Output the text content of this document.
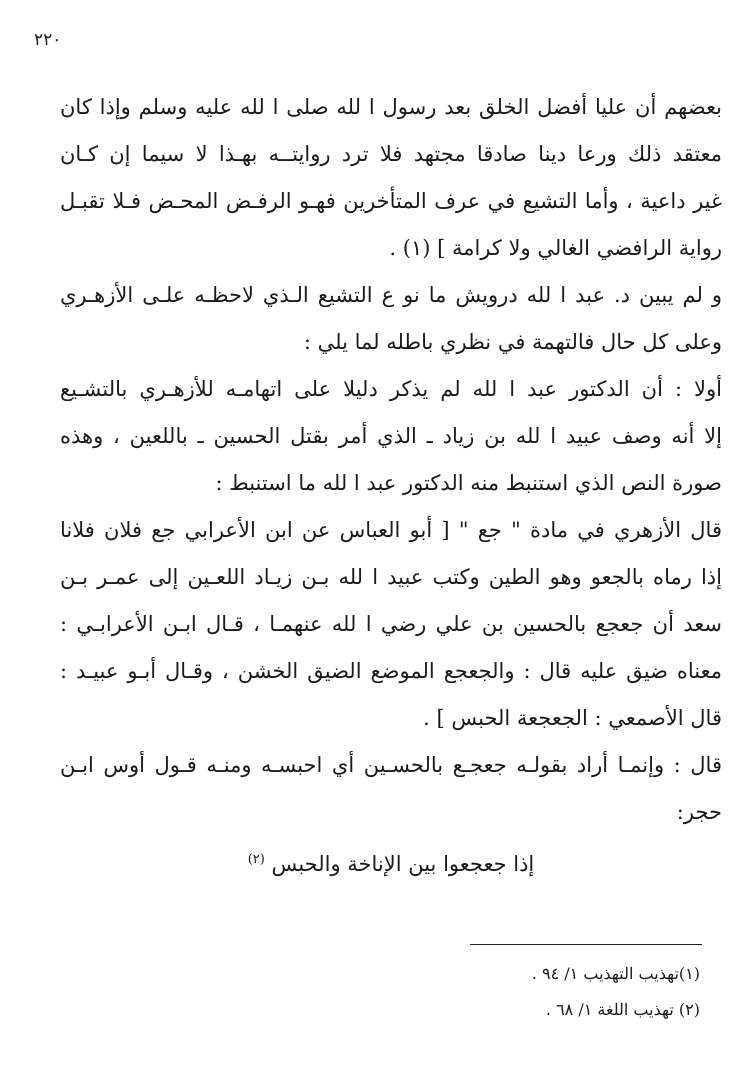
٢٢٠
بعضهم أن عليا أفضل الخلق بعد رسول ا لله صلى ا لله عليه وسلم وإذا كان
معتقد ذلك ورعا دينا صادقا مجتهد فلا ترد روايتــه بهـذا لا سيما إن كـان
غير داعية ، وأما التشيع في عرف المتأخرين فهـو الرفـض المحـض فـلا تقبـل
رواية الرافضي الغالي ولا كرامة ] (١) .
و لم يبين د. عبد ا لله درويش ما نو ع التشيع الـذي لاحظـه علـى الأزهـري
وعلى كل حال فالتهمة في نظري باطله لما يلي :
أولا : أن الدكتور عبد ا لله لم يذكر دليلا على اتهامـه للأزهـري بالتشـيع
إلا أنه وصف عبيد ا لله بن زياد ـ الذي أمر بقتل الحسين ـ باللعين ، وهذه
صورة النص الذي استنبط منه الدكتور عبد ا لله ما استنبط :
قال الأزهري في مادة " جع " [ أبو العباس عن ابن الأعرابي جع فلان فلانا
إذا رماه بالجعو وهو الطين وكتب عبيد ا لله بـن زيـاد اللعـين إلى عمـر بـن
سعد أن جعجع بالحسين بن علي رضي ا لله عنهمـا ، قـال ابـن الأعرابـي :
معناه ضيق عليه قال : والجعجع الموضع الضيق الخشن ، وقـال أبـو عبيـد :
قال الأصمعي : الجعجعة الحبس ] .
قال : وإنمـا أراد بقولـه جعجـع بالحسـين أي احبسـه ومنـه قـول أوس ابـن
حجر:
إذا جعجعوا بين الإناخة والحبس $^{(٢)}$
(١)تهذيب التهذيب ١/ ٩٤ .
(٢) تهذيب اللغة ١/ ٦٨ .
